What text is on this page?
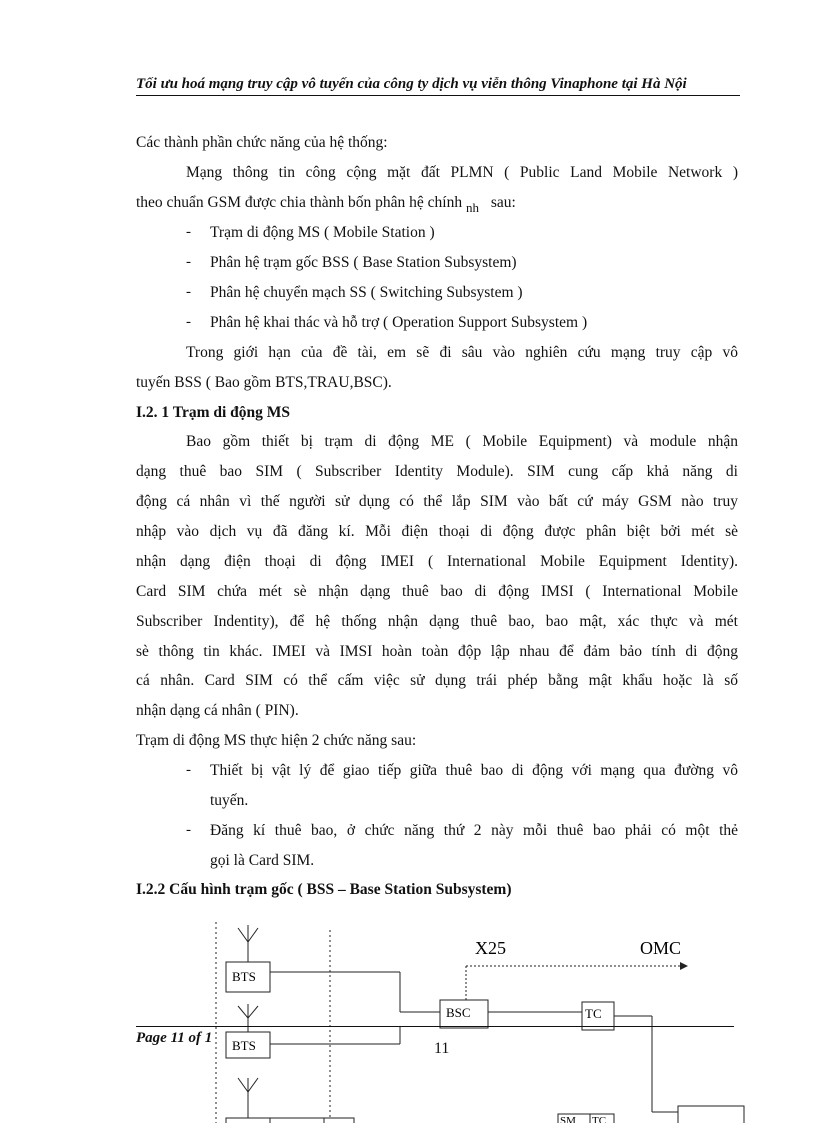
Tối ưu hoá mạng truy cập vô tuyến của công ty dịch vụ viễn thông Vinaphone tại Hà Nội
Các thành phần chức năng của hệ thống:
Mạng thông tin công cộng mặt đất PLMN ( Public Land Mobile Network )
theo chuẩn GSM được chia thành bốn phân hệ chính $_{nh}$ sau:
- Trạm di động MS ( Mobile Station )
- Phân hệ trạm gốc BSS ( Base Station Subsystem)
- Phân hệ chuyển mạch SS ( Switching Subsystem )
- Phân hệ khai thác và hỗ trợ ( Operation Support Subsystem )
Trong giới hạn của đề tài, em sẽ đi sâu vào nghiên cứu mạng truy cập vô
tuyến BSS ( Bao gồm BTS,TRAU,BSC).
I.2. 1 Trạm di động MS
Bao gồm thiết bị trạm di động ME ( Mobile Equipment) và module nhận
dạng thuê bao SIM ( Subscriber Identity Module). SIM cung cấp khả năng di
động cá nhân vì thế người sử dụng có thể lắp SIM vào bất cứ máy GSM nào truy
nhập vào dịch vụ đã đăng kí. Mỗi điện thoại di động được phân biệt bởi mét sè
nhận dạng điện thoại di động IMEI ( International Mobile Equipment Identity).
Card SIM chứa mét sè nhận dạng thuê bao di động IMSI ( International Mobile
Subscriber Indentity), để hệ thống nhận dạng thuê bao, bao mật, xác thực và mét
sè thông tin khác. IMEI và IMSI hoàn toàn độp lập nhau để đảm bảo tính di động
cá nhân. Card SIM có thể cấm việc sử dụng trái phép bằng mật khẩu hoặc là số
nhận dạng cá nhân ( PIN).
Trạm di động MS thực hiện 2 chức năng sau:
- Thiết bị vật lý để giao tiếp giữa thuê bao di động với mạng qua đường vô
tuyến.
- Đăng kí thuê bao, ở chức năng thứ 2 này mỗi thuê bao phải có một thẻ
gọi là Card SIM.
I.2.2 Cấu hình trạm gốc ( BSS – Base Station Subsystem)
BTS
BTS
BSC
X25	OMC
TC
SM TC
Page 11 of 1
11
